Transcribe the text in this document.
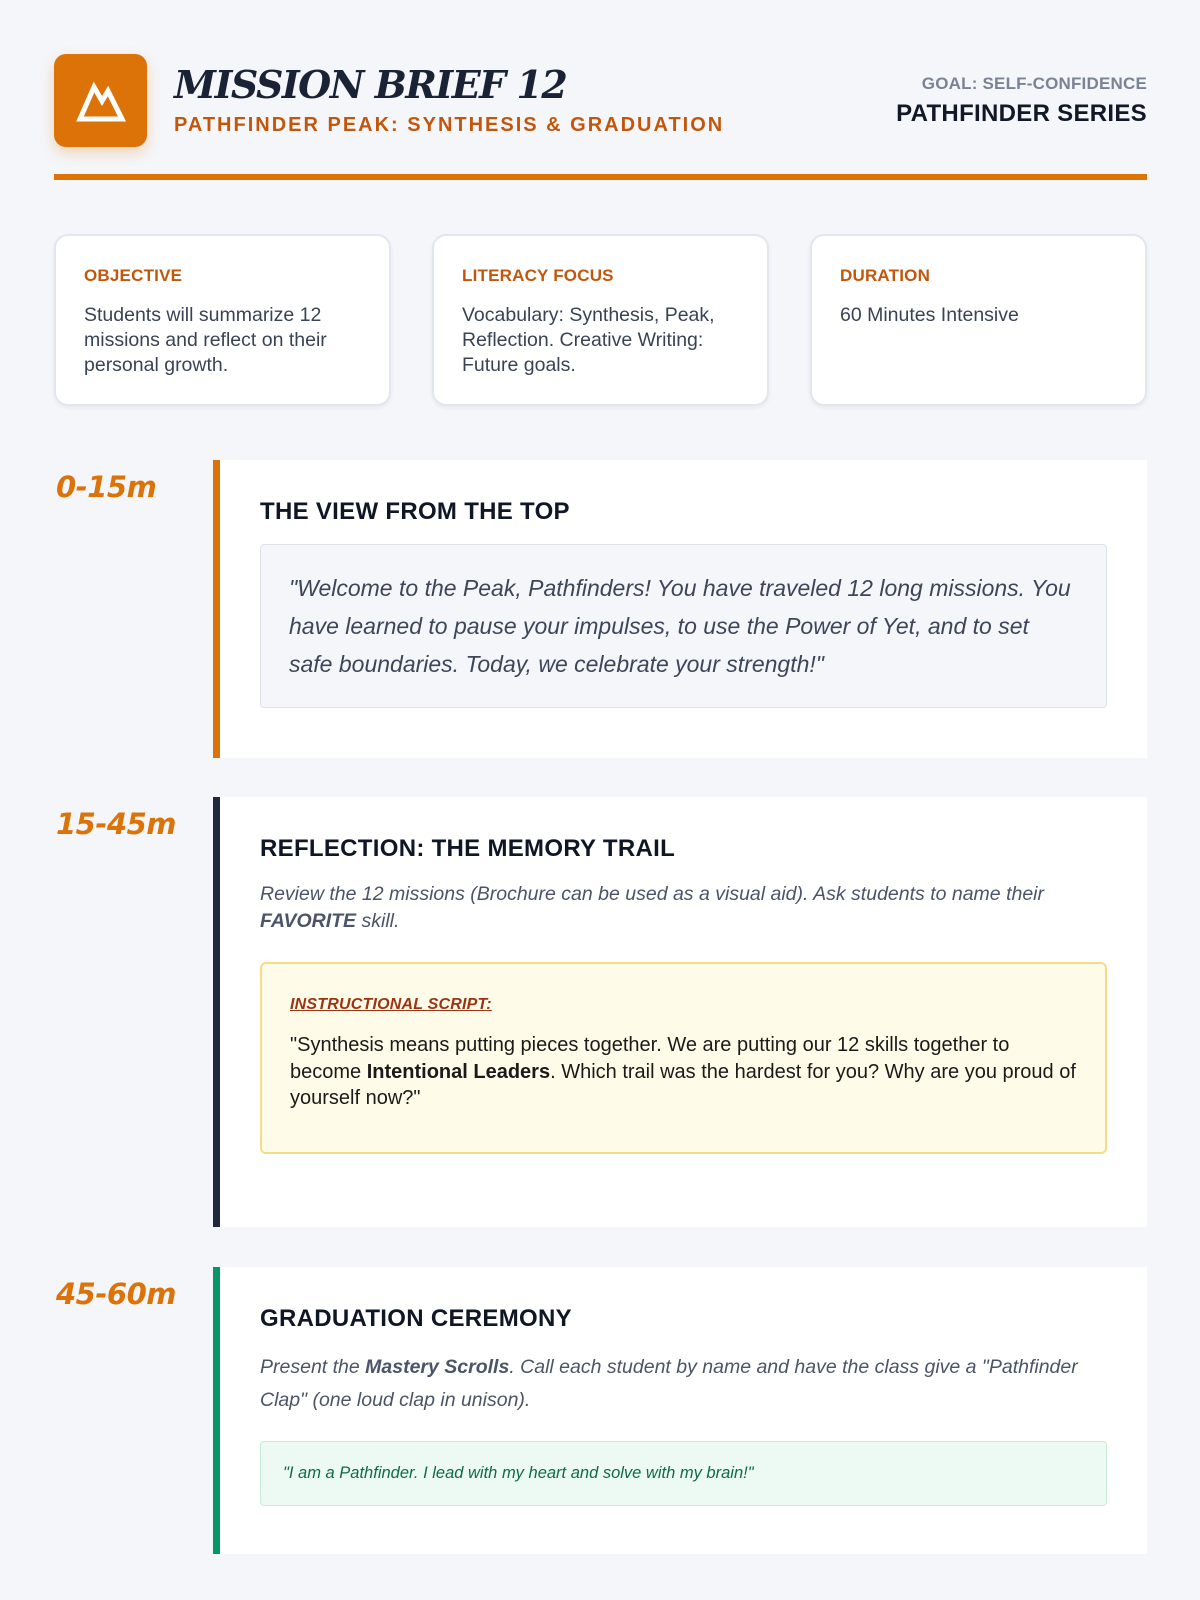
MISSION BRIEF 12
PATHFINDER PEAK: SYNTHESIS & GRADUATION
GOAL: SELF-CONFIDENCE
PATHFINDER SERIES
OBJECTIVE
Students will summarize 12 missions and reflect on their personal growth.
LITERACY FOCUS
Vocabulary: Synthesis, Peak, Reflection. Creative Writing: Future goals.
DURATION
60 Minutes Intensive
0-15m
THE VIEW FROM THE TOP
"Welcome to the Peak, Pathfinders! You have traveled 12 long missions. You have learned to pause your impulses, to use the Power of Yet, and to set safe boundaries. Today, we celebrate your strength!"
15-45m
REFLECTION: THE MEMORY TRAIL

Review the 12 missions (Brochure can be used as a visual aid). Ask students to name their FAVORITE skill.

INSTRUCTIONAL SCRIPT:

"Synthesis means putting pieces together. We are putting our 12 skills together to become Intentional Leaders. Which trail was the hardest for you? Why are you proud of yourself now?"

45-60m
GRADUATION CEREMONY

Present the Mastery Scrolls. Call each student by name and have the class give a "Pathfinder Clap" (one loud clap in unison).

"I am a Pathfinder. I lead with my heart and solve with my brain!"
